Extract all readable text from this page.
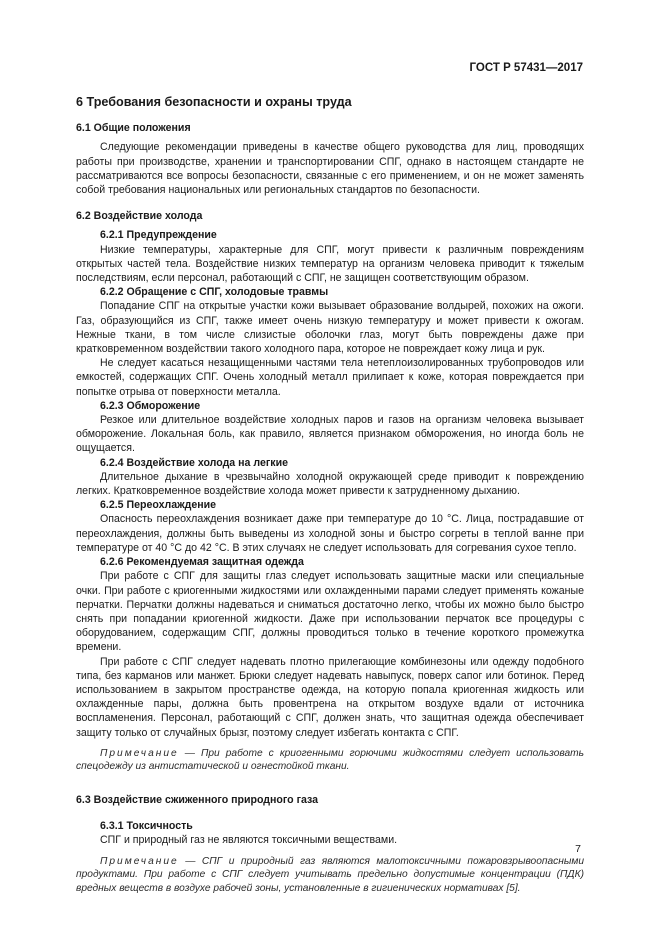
ГОСТ Р 57431—2017
6 Требования безопасности и охраны труда
6.1 Общие положения

Следующие рекомендации приведены в качестве общего руководства для лиц, проводящих работы при производстве, хранении и транспортировании СПГ, однако в настоящем стандарте не рассматриваются все вопросы безопасности, связанные с его применением, и он не может заменять собой требования национальных или региональных стандартов по безопасности.

6.2 Воздействие холода
6.2.1 Предупреждение

Низкие температуры, характерные для СПГ, могут привести к различным повреждениям открытых частей тела. Воздействие низких температур на организм человека приводит к тяжелым последствиям, если персонал, работающий с СПГ, не защищен соответствующим образом.

6.2.2 Обращение с СПГ, холодовые травмы

Попадание СПГ на открытые участки кожи вызывает образование волдырей, похожих на ожоги. Газ, образующийся из СПГ, также имеет очень низкую температуру и может привести к ожогам. Нежные ткани, в том числе слизистые оболочки глаз, могут быть повреждены даже при кратковременном воздействии такого холодного пара, которое не повреждает кожу лица и рук.

Не следует касаться незащищенными частями тела нетеплоизолированных трубопроводов или емкостей, содержащих СПГ. Очень холодный металл прилипает к коже, которая повреждается при попытке отрыва от поверхности металла.

6.2.3 Обморожение

Резкое или длительное воздействие холодных паров и газов на организм человека вызывает обморожение. Локальная боль, как правило, является признаком обморожения, но иногда боль не ощущается.

6.2.4 Воздействие холода на легкие

Длительное дыхание в чрезвычайно холодной окружающей среде приводит к повреждению легких. Кратковременное воздействие холода может привести к затрудненному дыханию.

6.2.5 Переохлаждение

Опасность переохлаждения возникает даже при температуре до 10 °С. Лица, пострадавшие от переохлаждения, должны быть выведены из холодной зоны и быстро согреты в теплой ванне при температуре от 40 °С до 42 °С. В этих случаях не следует использовать для согревания сухое тепло.

6.2.6 Рекомендуемая защитная одежда

При работе с СПГ для защиты глаз следует использовать защитные маски или специальные очки. При работе с криогенными жидкостями или охлажденными парами следует применять кожаные перчатки. Перчатки должны надеваться и сниматься достаточно легко, чтобы их можно было быстро снять при попадании криогенной жидкости. Даже при использовании перчаток все процедуры с оборудованием, содержащим СПГ, должны проводиться только в течение короткого промежутка времени.

При работе с СПГ следует надевать плотно прилегающие комбинезоны или одежду подобного типа, без карманов или манжет. Брюки следует надевать навыпуск, поверх сапог или ботинок. Перед использованием в закрытом пространстве одежда, на которую попала криогенная жидкость или охлажденные пары, должна быть провентрена на открытом воздухе вдали от источника воспламенения. Персонал, работающий с СПГ, должен знать, что защитная одежда обеспечивает защиту только от случайных брызг, поэтому следует избегать контакта с СПГ.

Примечание — При работе с криогенными горючими жидкостями следует использовать спецодежду из антистатической и огнестойкой ткани.

6.3 Воздействие сжиженного природного газа
6.3.1 Токсичность

СПГ и природный газ не являются токсичными веществами.

Примечание — СПГ и природный газ являются малотоксичными пожаровзрывоопасными продуктами. При работе с СПГ следует учитывать предельно допустимые концентрации (ПДК) вредных веществ в воздухе рабочей зоны, установленные в гигиенических нормативах [5].

7
